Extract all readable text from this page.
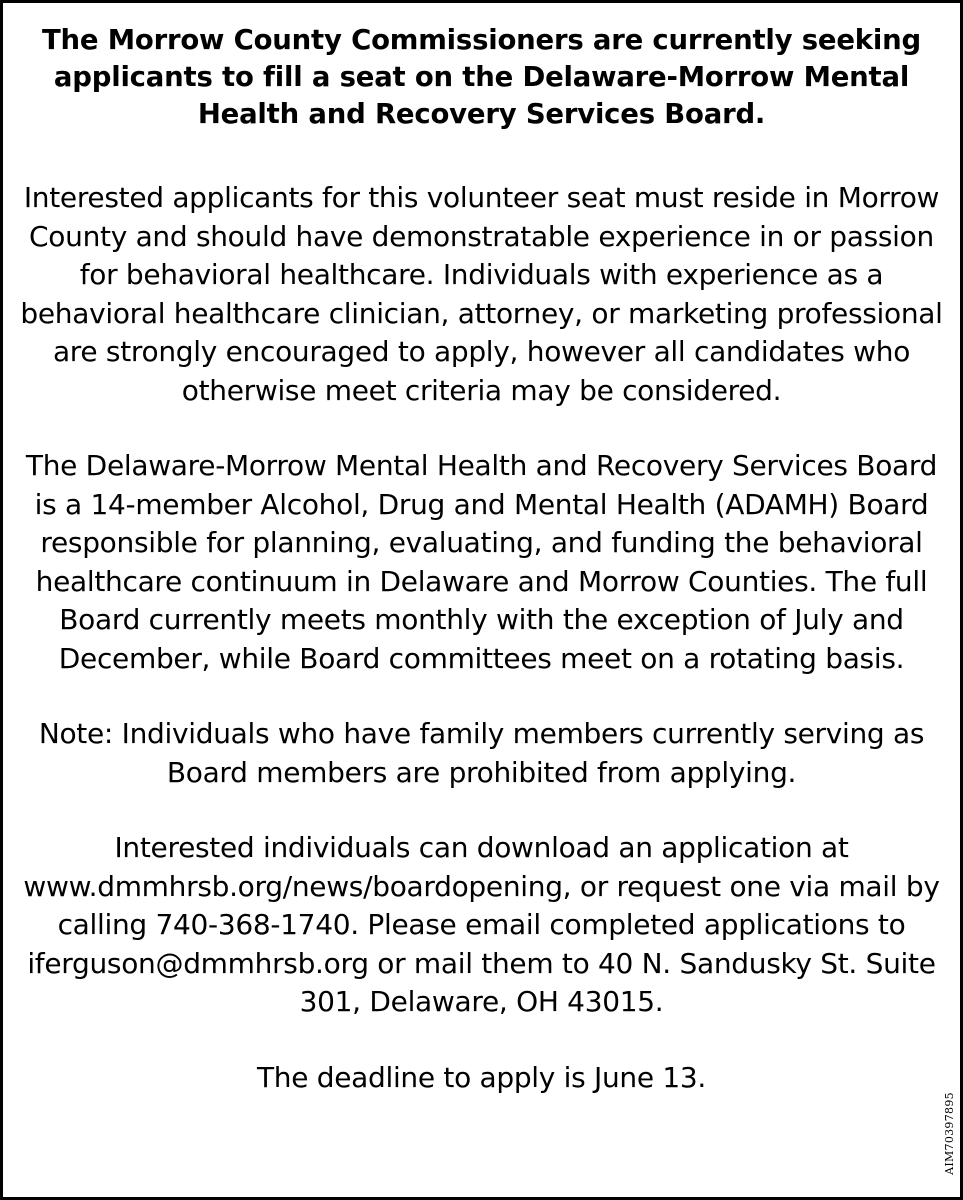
The Morrow County Commissioners are currently seeking applicants to fill a seat on the Delaware-Morrow Mental Health and Recovery Services Board.

Interested applicants for this volunteer seat must reside in Morrow County and should have demonstratable experience in or passion for behavioral healthcare. Individuals with experience as a behavioral healthcare clinician, attorney, or marketing professional are strongly encouraged to apply, however all candidates who otherwise meet criteria may be considered.

The Delaware-Morrow Mental Health and Recovery Services Board is a 14-member Alcohol, Drug and Mental Health (ADAMH) Board responsible for planning, evaluating, and funding the behavioral healthcare continuum in Delaware and Morrow Counties. The full Board currently meets monthly with the exception of July and December, while Board committees meet on a rotating basis.

Note: Individuals who have family members currently serving as Board members are prohibited from applying.

Interested individuals can download an application at www.dmmhrsb.org/news/boardopening, or request one via mail by calling 740-368-1740. Please email completed applications to iferguson@dmmhrsb.org or mail them to 40 N. Sandusky St. Suite 301, Delaware, OH 43015.

The deadline to apply is June 13.

AIM70397895
